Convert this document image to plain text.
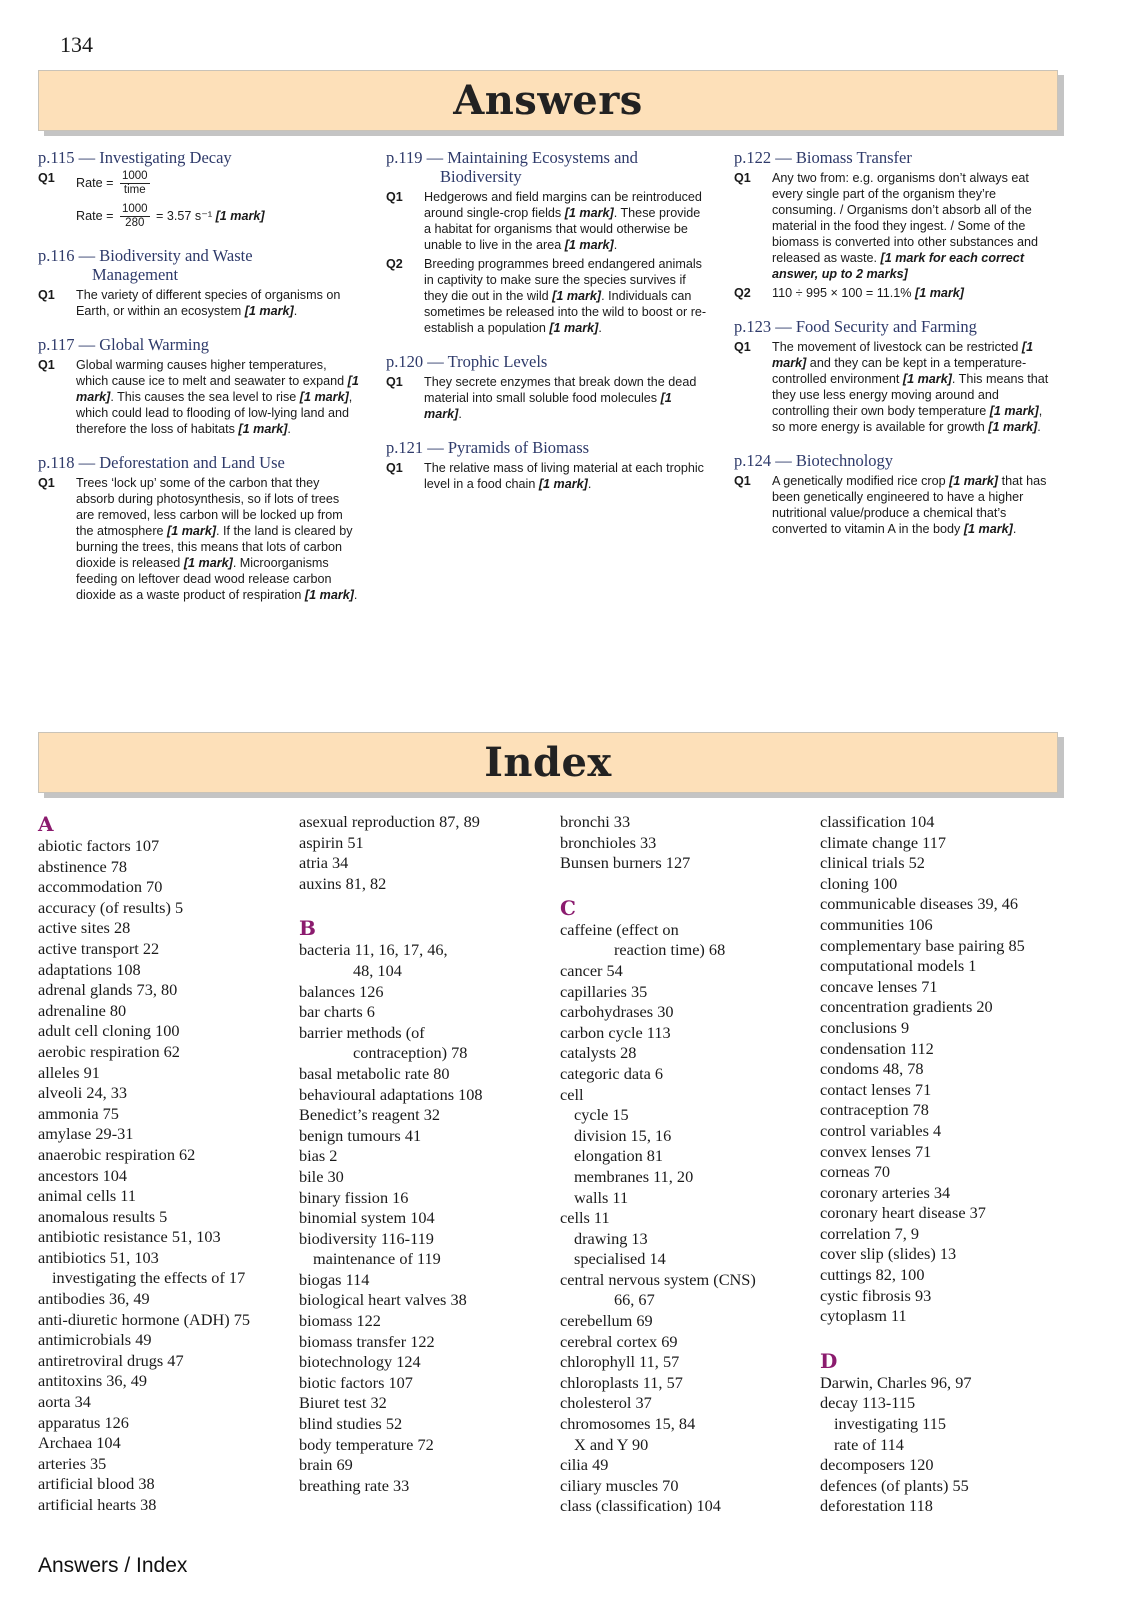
134
Answers
p.115 — Investigating Decay
Q1	Rate = $\frac{1000}{\text{time}}$
Rate = $\frac{1000}{280} = 3.57$ s⁻¹ [1 mark]
p.116 — Biodiversity and Waste
Management
Q1	The variety of different species of organisms on Earth, or within an ecosystem [1 mark].
p.117 — Global Warming
Q1	Global warming causes higher temperatures, which cause ice to melt and seawater to expand [1 mark]. This causes the sea level to rise [1 mark], which could lead to flooding of low-lying land and therefore the loss of habitats [1 mark].
p.118 — Deforestation and Land Use
Q1	Trees ‘lock up’ some of the carbon that they absorb during photosynthesis, so if lots of trees are removed, less carbon will be locked up from the atmosphere [1 mark]. If the land is cleared by burning the trees, this means that lots of carbon dioxide is released [1 mark]. Microorganisms feeding on leftover dead wood release carbon dioxide as a waste product of respiration [1 mark].
p.119 — Maintaining Ecosystems and
Biodiversity
Q1	Hedgerows and field margins can be reintroduced around single-crop fields [1 mark]. These provide a habitat for organisms that would otherwise be unable to live in the area [1 mark].
Q2	Breeding programmes breed endangered animals in captivity to make sure the species survives if they die out in the wild [1 mark]. Individuals can sometimes be released into the wild to boost or re-establish a population [1 mark].
p.120 — Trophic Levels
Q1	They secrete enzymes that break down the dead material into small soluble food molecules [1 mark].
p.121 — Pyramids of Biomass
Q1	The relative mass of living material at each trophic level in a food chain [1 mark].
p.122 — Biomass Transfer
Q1	Any two from: e.g. organisms don’t always eat every single part of the organism they’re consuming. / Organisms don’t absorb all of the material in the food they ingest. / Some of the biomass is converted into other substances and released as waste. [1 mark for each correct answer, up to 2 marks]
Q2	110 ÷ 995 × 100 = 11.1% [1 mark]
p.123 — Food Security and Farming
Q1	The movement of livestock can be restricted [1 mark] and they can be kept in a temperature-controlled environment [1 mark]. This means that they use less energy moving around and controlling their own body temperature [1 mark], so more energy is available for growth [1 mark].
p.124 — Biotechnology
Q1	A genetically modified rice crop [1 mark] that has been genetically engineered to have a higher nutritional value/produce a chemical that’s converted to vitamin A in the body [1 mark].
Index
A
abiotic factors 107
abstinence 78
accommodation 70
accuracy (of results) 5
active sites 28
active transport 22
adaptations 108
adrenal glands 73, 80
adrenaline 80
adult cell cloning 100
aerobic respiration 62
alleles 91
alveoli 24, 33
ammonia 75
amylase 29-31
anaerobic respiration 62
ancestors 104
animal cells 11
anomalous results 5
antibiotic resistance 51, 103
antibiotics 51, 103
investigating the effects of 17
antibodies 36, 49
anti-diuretic hormone (ADH) 75
antimicrobials 49
antiretroviral drugs 47
antitoxins 36, 49
aorta 34
apparatus 126
Archaea 104
arteries 35
artificial blood 38
artificial hearts 38
asexual reproduction 87, 89
aspirin 51
atria 34
auxins 81, 82
B
bacteria 11, 16, 17, 46,
48, 104
balances 126
bar charts 6
barrier methods (of
contraception) 78
basal metabolic rate 80
behavioural adaptations 108
Benedict’s reagent 32
benign tumours 41
bias 2
bile 30
binary fission 16
binomial system 104
biodiversity 116-119
maintenance of 119
biogas 114
biological heart valves 38
biomass 122
biomass transfer 122
biotechnology 124
biotic factors 107
Biuret test 32
blind studies 52
body temperature 72
brain 69
breathing rate 33
bronchi 33
bronchioles 33
Bunsen burners 127
C
caffeine (effect on
reaction time) 68
cancer 54
capillaries 35
carbohydrases 30
carbon cycle 113
catalysts 28
categoric data 6
cell
cycle 15
division 15, 16
elongation 81
membranes 11, 20
walls 11
cells 11
drawing 13
specialised 14
central nervous system (CNS)
66, 67
cerebellum 69
cerebral cortex 69
chlorophyll 11, 57
chloroplasts 11, 57
cholesterol 37
chromosomes 15, 84
X and Y 90
cilia 49
ciliary muscles 70
class (classification) 104
classification 104
climate change 117
clinical trials 52
cloning 100
communicable diseases 39, 46
communities 106
complementary base pairing 85
computational models 1
concave lenses 71
concentration gradients 20
conclusions 9
condensation 112
condoms 48, 78
contact lenses 71
contraception 78
control variables 4
convex lenses 71
corneas 70
coronary arteries 34
coronary heart disease 37
correlation 7, 9
cover slip (slides) 13
cuttings 82, 100
cystic fibrosis 93
cytoplasm 11
D
Darwin, Charles 96, 97
decay 113-115
investigating 115
rate of 114
decomposers 120
defences (of plants) 55
deforestation 118
Answers / Index
